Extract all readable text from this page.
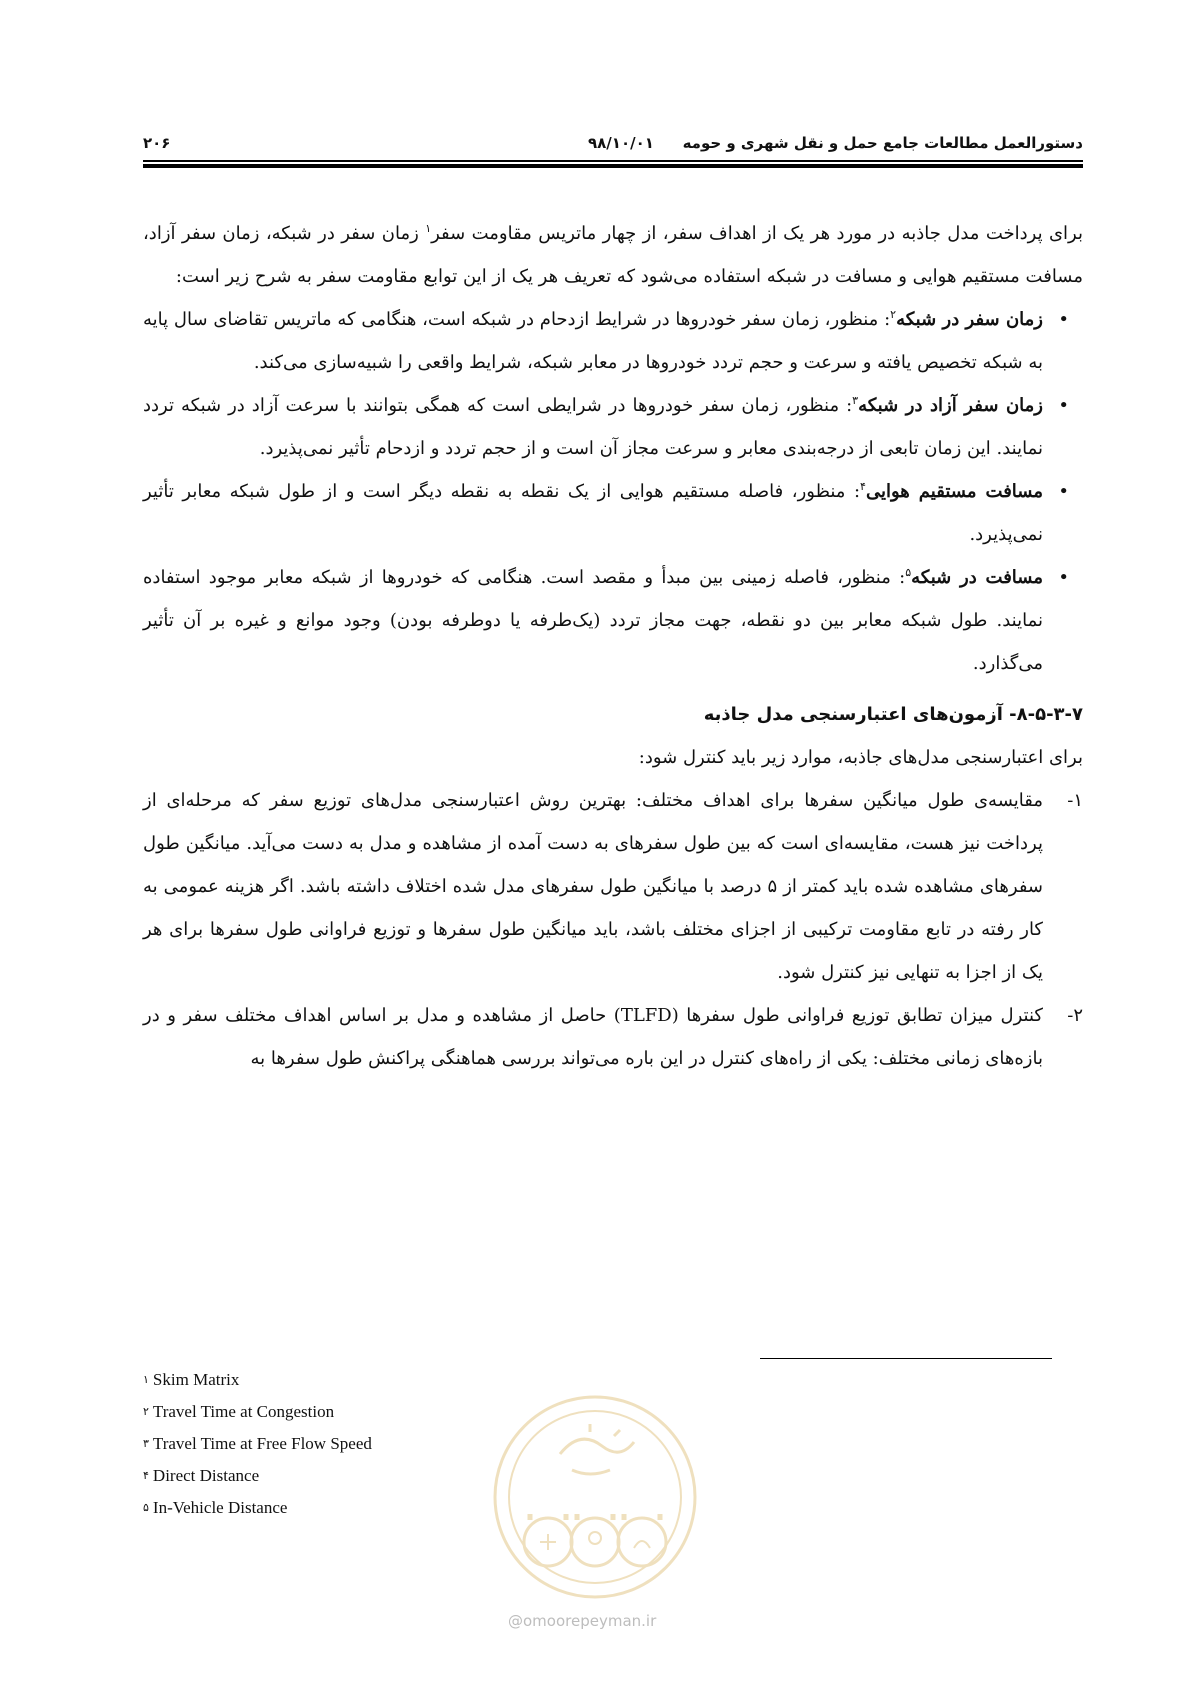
دستورالعمل مطالعات جامع حمل و نقل شهری و حومه
۹۸/۱۰/۰۱
۲۰۶

برای پرداخت مدل جاذبه در مورد هر یک از اهداف سفر، از چهار ماتریس مقاومت سفر$^۱$ زمان سفر در شبکه، زمان سفر آزاد، مسافت مستقیم هوایی و مسافت در شبکه استفاده می‌شود که تعریف هر یک از این توابع مقاومت سفر به شرح زیر است:

• زمان سفر در شبکه$^۲$: منظور، زمان سفر خودروها در شرایط ازدحام در شبکه است، هنگامی که ماتریس تقاضای سال پایه به شبکه تخصیص یافته و سرعت و حجم تردد خودروها در معابر شبکه، شرایط واقعی را شبیه‌سازی می‌کند.
• زمان سفر آزاد در شبکه$^۳$: منظور، زمان سفر خودروها در شرایطی است که همگی بتوانند با سرعت آزاد در شبکه تردد نمایند. این زمان تابعی از درجه‌بندی معابر و سرعت مجاز آن است و از حجم تردد و ازدحام تأثیر نمی‌پذیرد.
• مسافت مستقیم هوایی$^۴$: منظور، فاصله مستقیم هوایی از یک نقطه به نقطه دیگر است و از طول شبکه معابر تأثیر نمی‌پذیرد.
• مسافت در شبکه$^۵$: منظور، فاصله زمینی بین مبدأ و مقصد است. هنگامی که خودروها از شبکه معابر موجود استفاده نمایند. طول شبکه معابر بین دو نقطه، جهت مجاز تردد (یک‌طرفه یا دوطرفه بودن) وجود موانع و غیره بر آن تأثیر می‌گذارد.

۸-۵-۳-۷- آزمون‌های اعتبارسنجی مدل جاذبه

برای اعتبارسنجی مدل‌های جاذبه، موارد زیر باید کنترل شود:

۱-
مقایسه‌ی طول میانگین سفرها برای اهداف مختلف: بهترین روش اعتبارسنجی مدل‌های توزیع سفر که مرحله‌ای از پرداخت نیز هست، مقایسه‌ای است که بین طول سفرهای به دست آمده از مشاهده و مدل به دست می‌آید. میانگین طول سفرهای مشاهده شده باید کمتر از ۵ درصد با میانگین طول سفرهای مدل شده اختلاف داشته باشد. اگر هزینه عمومی به کار رفته در تابع مقاومت ترکیبی از اجزای مختلف باشد، باید میانگین طول سفرها و توزیع فراوانی طول سفرها برای هر یک از اجزا به تنهایی نیز کنترل شود.
۲-
کنترل میزان تطابق توزیع فراوانی طول سفرها (TLFD) حاصل از مشاهده و مدل بر اساس اهداف مختلف سفر و در بازه‌های زمانی مختلف: یکی از راه‌های کنترل در این باره می‌تواند بررسی هماهنگی پراکنش طول سفرها به
$^۱$ Skim Matrix
$^۲$ Travel Time at Congestion
$^۳$ Travel Time at Free Flow Speed
$^۴$ Direct Distance
$^۵$ In-Vehicle Distance
@omoorepeyman.ir
